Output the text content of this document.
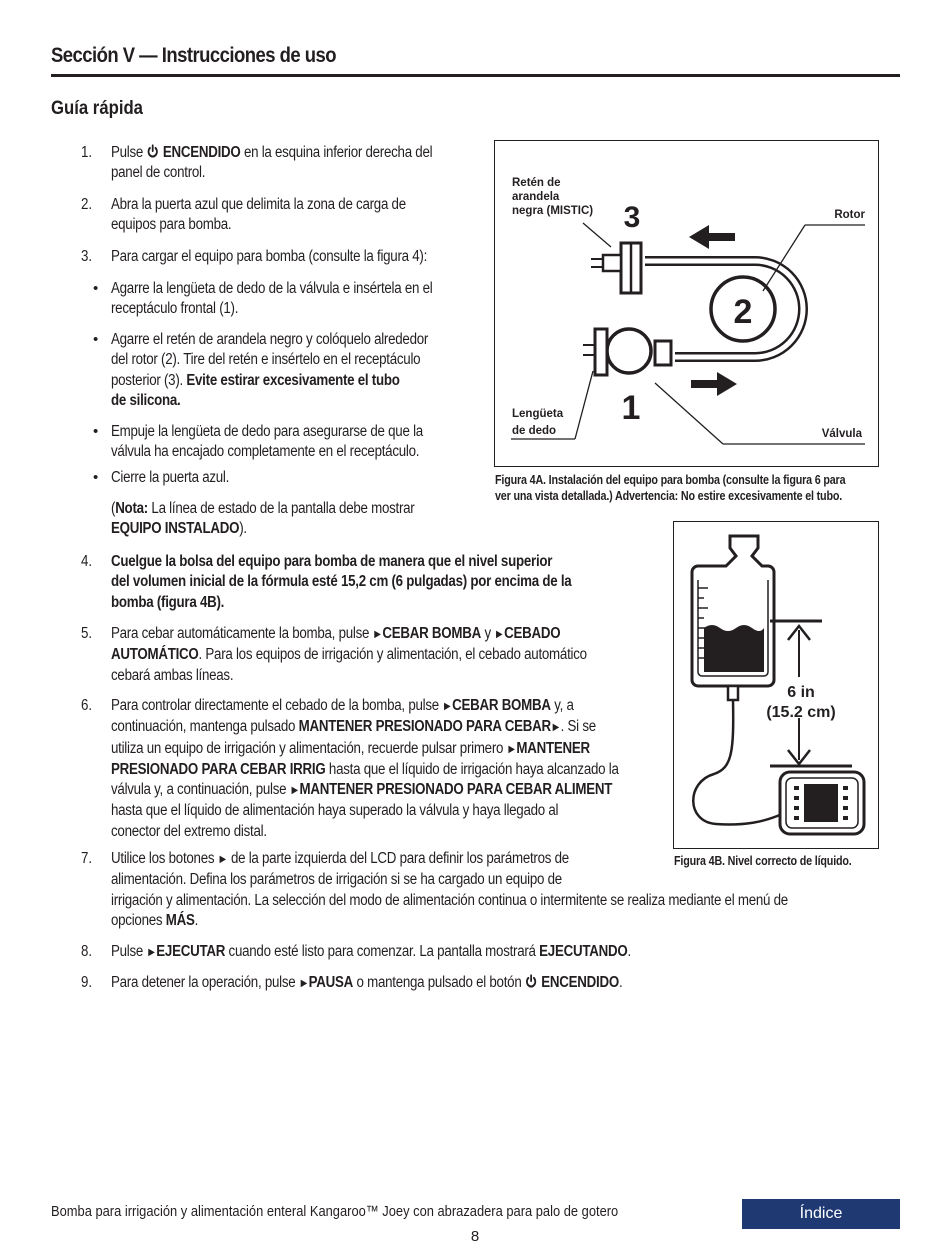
Sección V — Instrucciones de uso
Guía rápida
1. Pulse ENCENDIDO en la esquina inferior derecha del
panel de control.
2. Abra la puerta azul que delimita la zona de carga de
equipos para bomba.
3. Para cargar el equipo para bomba (consulte la figura 4):
• Agarre la lengüeta de dedo de la válvula e insértela en el
receptáculo frontal (1).
• Agarre el retén de arandela negro y colóquelo alrededor
del rotor (2). Tire del retén e insértelo en el receptáculo
posterior (3). Evite estirar excesivamente el tubo
de silicona.
• Empuje la lengüeta de dedo para asegurarse de que la
válvula ha encajado completamente en el receptáculo.
• Cierre la puerta azul.
(Nota: La línea de estado de la pantalla debe mostrar
EQUIPO INSTALADO).
4. Cuelgue la bolsa del equipo para bomba de manera que el nivel superior
del volumen inicial de la fórmula esté 15,2 cm (6 pulgadas) por encima de la
bomba (figura 4B).
5. Para cebar automáticamente la bomba, pulse ▶ CEBAR BOMBA y ▶ CEBADO
AUTOMÁTICO. Para los equipos de irrigación y alimentación, el cebado automático
cebará ambas líneas.
6. Para controlar directamente el cebado de la bomba, pulse ▶ CEBAR BOMBA y, a
continuación, mantenga pulsado MANTENER PRESIONADO PARA CEBAR ▶ . Si se
utiliza un equipo de irrigación y alimentación, recuerde pulsar primero ▶ MANTENER
PRESIONADO PARA CEBAR IRRIG hasta que el líquido de irrigación haya alcanzado la
válvula y, a continuación, pulse ▶ MANTENER PRESIONADO PARA CEBAR ALIMENT
hasta que el líquido de alimentación haya superado la válvula y haya llegado al
conector del extremo distal.
7. Utilice los botones ▶ de la parte izquierda del LCD para definir los parámetros de
alimentación. Defina los parámetros de irrigación si se ha cargado un equipo de
irrigación y alimentación. La selección del modo de alimentación continua o intermitente se realiza mediante el menú de
opciones MÁS.
8. Pulse ▶ EJECUTAR cuando esté listo para comenzar. La pantalla mostrará EJECUTANDO.
9. Para detener la operación, pulse ▶ PAUSA o mantenga pulsado el botón ENCENDIDO.
3
2
1
Retén de
arandela
negra (MISTIC)	Rotor
Lengüeta
de dedo	Válvula
Figura 4A. Instalación del equipo para bomba (consulte la figura 6 para
ver una vista detallada.) Advertencia: No estire excesivamente el tubo.
6 in
(15.2 cm)
Figura 4B. Nivel correcto de líquido.
Bomba para irrigación y alimentación enteral Kangaroo™ Joey con abrazadera para palo de gotero	Índice
8
